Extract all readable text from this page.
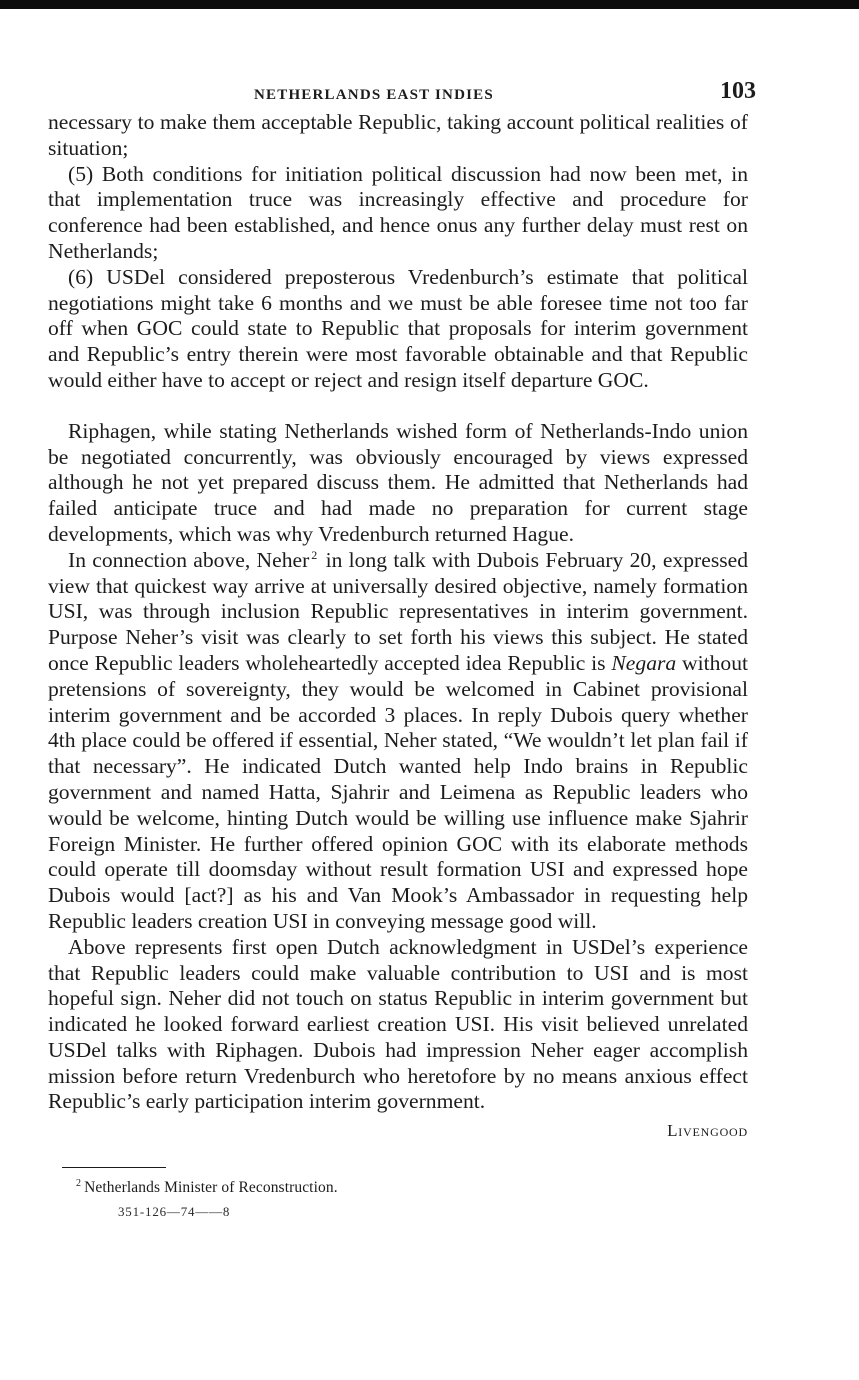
NETHERLANDS EAST INDIES	103

necessary to make them acceptable Republic, taking account political realities of situation;

(5) Both conditions for initiation political discussion had now been met, in that implementation truce was increasingly effective and procedure for conference had been established, and hence onus any further delay must rest on Netherlands;

(6) USDel considered preposterous Vredenburch’s estimate that political negotiations might take 6 months and we must be able foresee time not too far off when GOC could state to Republic that proposals for interim government and Republic’s entry therein were most favorable obtainable and that Republic would either have to accept or reject and resign itself departure GOC.

Riphagen, while stating Netherlands wished form of Netherlands-Indo union be negotiated concurrently, was obviously encouraged by views expressed although he not yet prepared discuss them. He admitted that Netherlands had failed anticipate truce and had made no preparation for current stage developments, which was why Vredenburch returned Hague.

In connection above, Neher $^2$ in long talk with Dubois February 20, expressed view that quickest way arrive at universally desired objective, namely formation USI, was through inclusion Republic representatives in interim government. Purpose Neher’s visit was clearly to set forth his views this subject. He stated once Republic leaders wholeheartedly accepted idea Republic is Negara without pretensions of sovereignty, they would be welcomed in Cabinet provisional interim government and be accorded 3 places. In reply Dubois query whether 4th place could be offered if essential, Neher stated, “We wouldn’t let plan fail if that necessary”. He indicated Dutch wanted help Indo brains in Republic government and named Hatta, Sjahrir and Leimena as Republic leaders who would be welcome, hinting Dutch would be willing use influence make Sjahrir Foreign Minister. He further offered opinion GOC with its elaborate methods could operate till doomsday without result formation USI and expressed hope Dubois would [act?] as his and Van Mook’s Ambassador in requesting help Republic leaders creation USI in conveying message good will.

Above represents first open Dutch acknowledgment in USDel’s experience that Republic leaders could make valuable contribution to USI and is most hopeful sign. Neher did not touch on status Republic in interim government but indicated he looked forward earliest creation USI. His visit believed unrelated USDel talks with Riphagen. Dubois had impression Neher eager accomplish mission before return Vredenburch who heretofore by no means anxious effect Republic’s early participation interim government.

Livengood
$^2$ Netherlands Minister of Reconstruction.
351-126—74——8
